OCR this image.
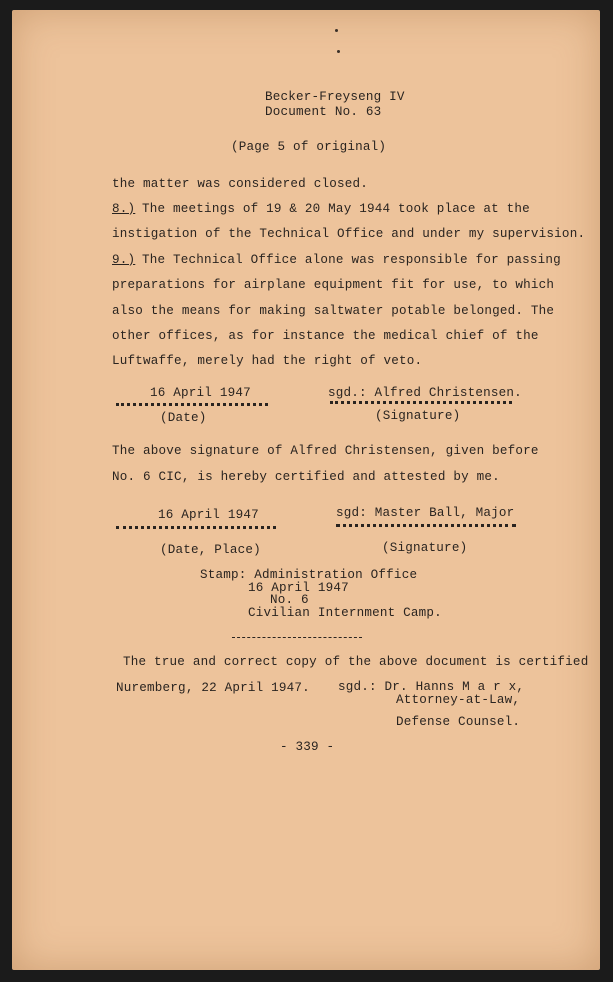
Becker-Freyseng IV
Document No. 63
(Page 5 of original)
the matter was considered closed.
8.) The meetings of 19 & 20 May 1944 took place at the
instigation of the Technical Office and under my supervision.
9.) The Technical Office alone was responsible for passing
preparations for airplane equipment fit for use, to which
also the means for making saltwater potable belonged. The
other offices, as for instance the medical chief of the
Luftwaffe, merely had the right of veto.
16 April 1947
(Date)
sgd.: Alfred Christensen.
(Signature)
The above signature of Alfred Christensen, given before
No. 6 CIC, is hereby certified and attested by me.
16 April 1947
(Date, Place)
sgd: Master Ball, Major
(Signature)
Stamp: Administration Office
16 April 1947
No. 6
Civilian Internment Camp.
The true and correct copy of the above document is certified
Nuremberg, 22 April 1947. sgd.: Dr. Hanns M a r x,
Attorney-at-Law,
Defense Counsel.
- 339 -
